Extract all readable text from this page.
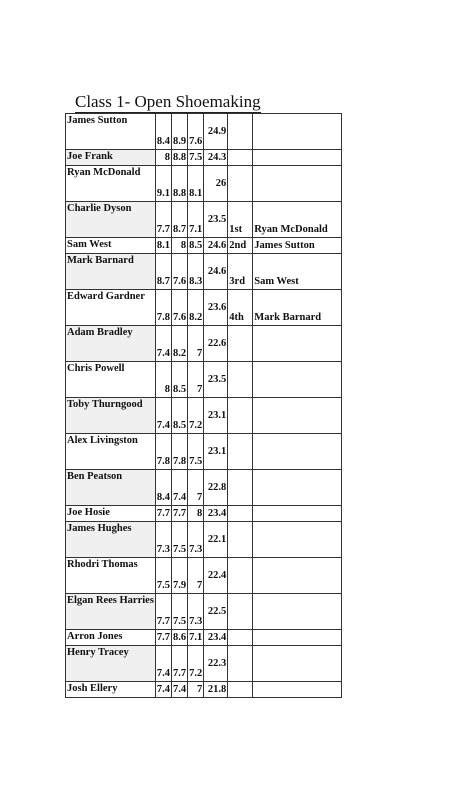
Class 1- Open Shoemaking
James Sutton	8.4	8.9	7.6	24.9		
Joe Frank	8	8.8	7.5	24.3		
Ryan McDonald	9.1	8.8	8.1	26		
Charlie Dyson	7.7	8.7	7.1	23.5	1st	Ryan McDonald
Sam West	8.1	8	8.5	24.6	2nd	James Sutton
Mark Barnard	8.7	7.6	8.3	24.6	3rd	Sam West
Edward Gardner	7.8	7.6	8.2	23.6	4th	Mark Barnard
Adam Bradley	7.4	8.2	7	22.6		
Chris Powell	8	8.5	7	23.5		
Toby Thurngood	7.4	8.5	7.2	23.1		
Alex Livingston	7.8	7.8	7.5	23.1		
Ben Peatson	8.4	7.4	7	22.8		
Joe Hosie	7.7	7.7	8	23.4		
James Hughes	7.3	7.5	7.3	22.1		
Rhodri Thomas	7.5	7.9	7	22.4		
Elgan Rees Harries	7.7	7.5	7.3	22.5		
Arron Jones	7.7	8.6	7.1	23.4		
Henry Tracey	7.4	7.7	7.2	22.3		
Josh Ellery	7.4	7.4	7	21.8		
